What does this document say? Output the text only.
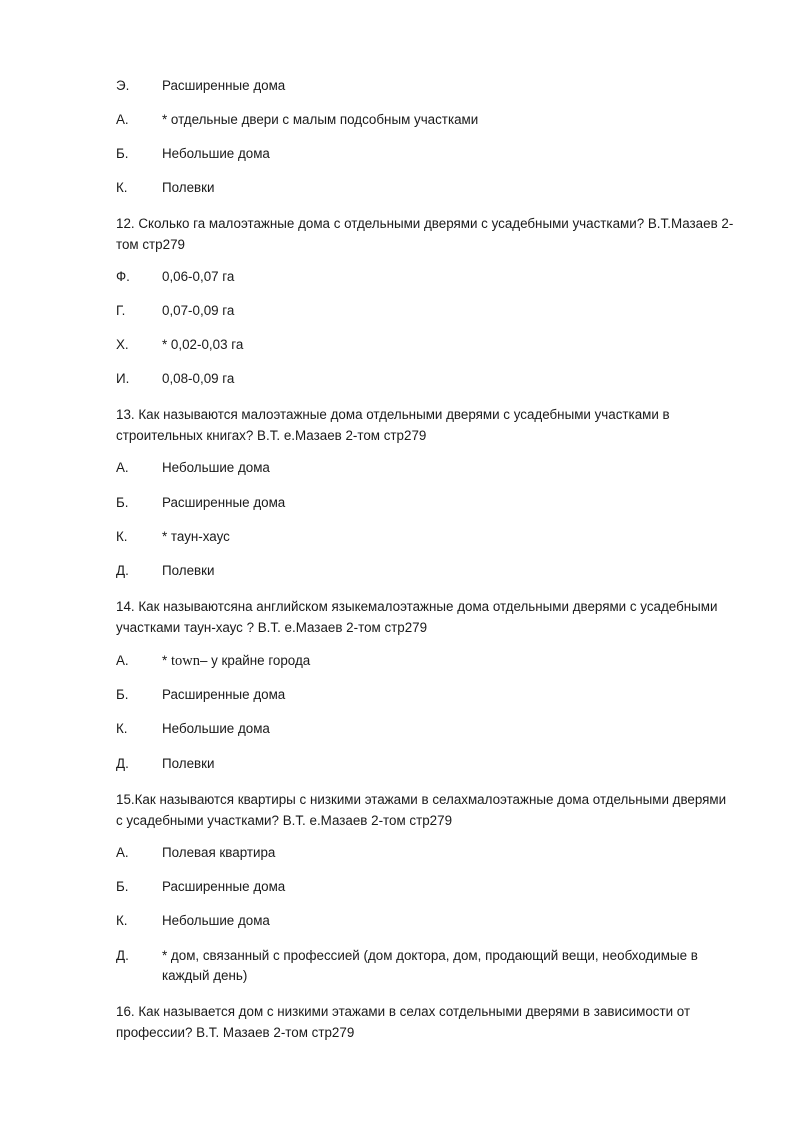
Э.	Расширенные дома
А.	* отдельные двери с малым подсобным участками
Б.	Небольшие дома
К.	Полевки
12. Сколько га малоэтажные дома с отдельными дверями с усадебными участками? В.Т.Мазаев 2-том стр279
Ф.	0,06-0,07 га
Г.	0,07-0,09 га
Х.	* 0,02-0,03 га
И.	0,08-0,09 га
13. Как называются малоэтажные дома отдельными дверями с усадебными участками в строительных книгах? В.Т. е.Мазаев 2-том стр279
А.	Небольшие дома
Б.	Расширенные дома
К.	* таун-хаус
Д.	Полевки
14. Как называютсяна английском языкемалоэтажные дома отдельными дверями с усадебными участками таун-хаус ? В.Т. е.Мазаев 2-том стр279
А.	* town– у крайне города
Б.	Расширенные дома
К.	Небольшие дома
Д.	Полевки
15.Как называются квартиры с низкими этажами в селахмалоэтажные дома отдельными дверями с усадебными участками? В.Т. е.Мазаев 2-том стр279
А.	Полевая квартира
Б.	Расширенные дома
К.	Небольшие дома
Д.	* дом, связанный с профессией (дом доктора, дом, продающий вещи, необходимые в каждый день)
16. Как называется дом с низкими этажами в селах сотдельными дверями в зависимости от профессии? В.Т. Мазаев 2-том стр279
